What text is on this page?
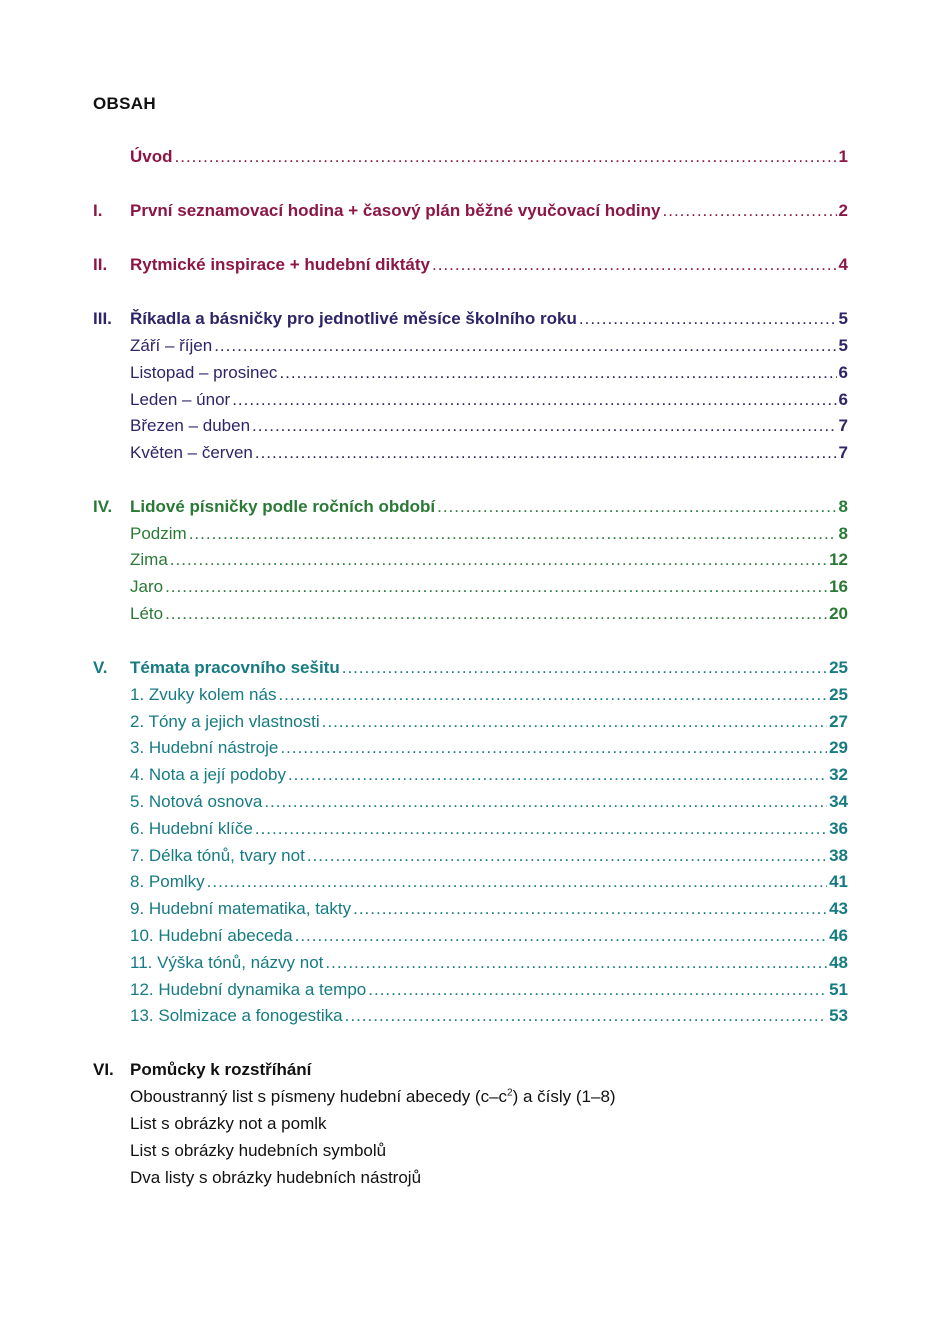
OBSAH
Úvod .....	1
I. První seznamovací hodina + časový plán běžné vyučovací hodiny .....	2
II. Rytmické inspirace + hudební diktáty .....	4
III. Říkadla a básničky pro jednotlivé měsíce školního roku .....	5
Září – říjen .....	5
Listopad – prosinec .....	6
Leden – únor .....	6
Březen – duben .....	7
Květen – červen .....	7
IV. Lidové písničky podle ročních období .....	8
Podzim .....	8
Zima .....	12
Jaro .....	16
Léto .....	20
V. Témata pracovního sešitu .....	25
1. Zvuky kolem nás .....	25
2. Tóny a jejich vlastnosti .....	27
3. Hudební nástroje .....	29
4. Nota a její podoby .....	32
5. Notová osnova .....	34
6. Hudební klíče .....	36
7. Délka tónů, tvary not .....	38
8. Pomlky .....	41
9. Hudební matematika, takty .....	43
10. Hudební abeceda .....	46
11. Výška tónů, názvy not .....	48
12. Hudební dynamika a tempo .....	51
13. Solmizace a fonogestika .....	53
VI. Pomůcky k rozstříhání
Oboustranný list s písmeny hudební abecedy $(c-c^2)$ a čísly (1–8)
List s obrázky not a pomlk
List s obrázky hudebních symbolů
Dva listy s obrázky hudebních nástrojů
